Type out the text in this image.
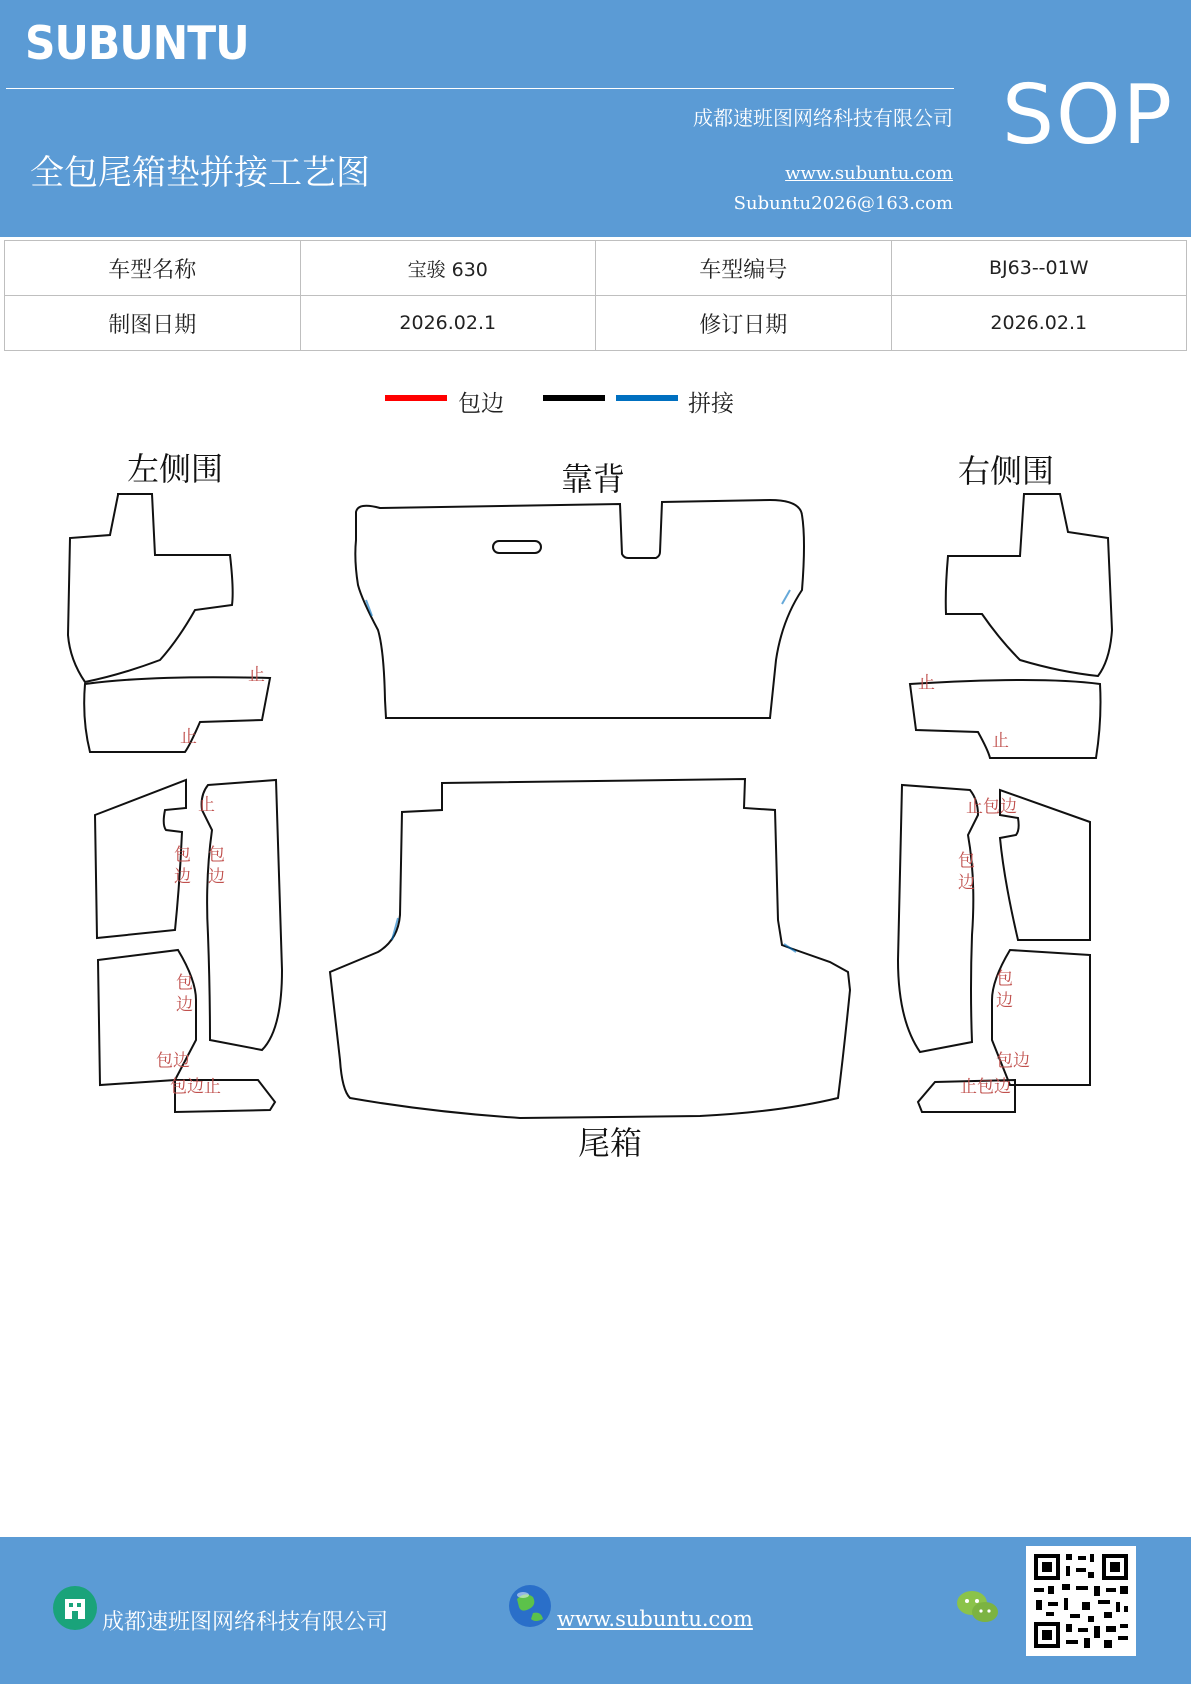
SUBUNTU
成都速班图网络科技有限公司
全包尾箱垫拼接工艺图	www.subuntu.com
Subuntu2026@163.com
SOP
车型名称	宝骏 630	车型编号	BJ63--01W
制图日期	2026.02.1	修订日期	2026.02.1
包边	拼接
左侧围	靠背	右侧围
尾箱
止
止
止
包
边
包
边
包
边
包边
包边止
止
止
止包边
包
边
包
边
包边
止包边
成都速班图网络科技有限公司	www.subuntu.com
